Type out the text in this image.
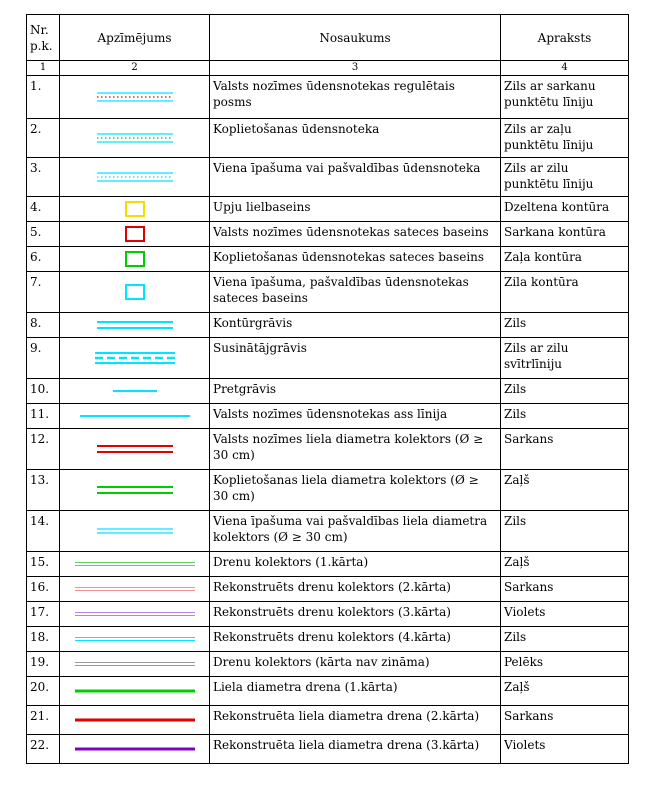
Nr. p.k.	Apzīmējums	Nosaukums	Apraksts
1	2	3	4
1.		Valsts nozīmes ūdensnotekas regulētais posms	Zils ar sarkanu punktētu līniju
2.		Koplietošanas ūdensnoteka	Zils ar zaļu punktētu līniju
3.		Viena īpašuma vai pašvaldības ūdensnoteka	Zils ar zilu punktētu līniju
4.		Upju lielbaseins	Dzeltena kontūra
5.		Valsts nozīmes ūdensnotekas sateces baseins	Sarkana kontūra
6.		Koplietošanas ūdensnotekas sateces baseins	Zaļa kontūra
7.		Viena īpašuma, pašvaldības ūdensnotekas sateces baseins	Zila kontūra
8.		Kontūrgrāvis	Zils
9.		Susinātājgrāvis	Zils ar zilu svītrlīniju
10.		Pretgrāvis	Zils
11.		Valsts nozīmes ūdensnotekas ass līnija	Zils
12.		Valsts nozīmes liela diametra kolektors (Ø ≥ 30 cm)	Sarkans
13.		Koplietošanas liela diametra kolektors (Ø ≥ 30 cm)	Zaļš
14.		Viena īpašuma vai pašvaldības liela diametra kolektors (Ø ≥ 30 cm)	Zils
15.		Drenu kolektors (1.kārta)	Zaļš
16.		Rekonstruēts drenu kolektors (2.kārta)	Sarkans
17.		Rekonstruēts drenu kolektors (3.kārta)	Violets
18.		Rekonstruēts drenu kolektors (4.kārta)	Zils
19.		Drenu kolektors (kārta nav zināma)	Pelēks
20.		Liela diametra drena (1.kārta)	Zaļš
21.		Rekonstruēta liela diametra drena (2.kārta)	Sarkans
22.		Rekonstruēta liela diametra drena (3.kārta)	Violets
